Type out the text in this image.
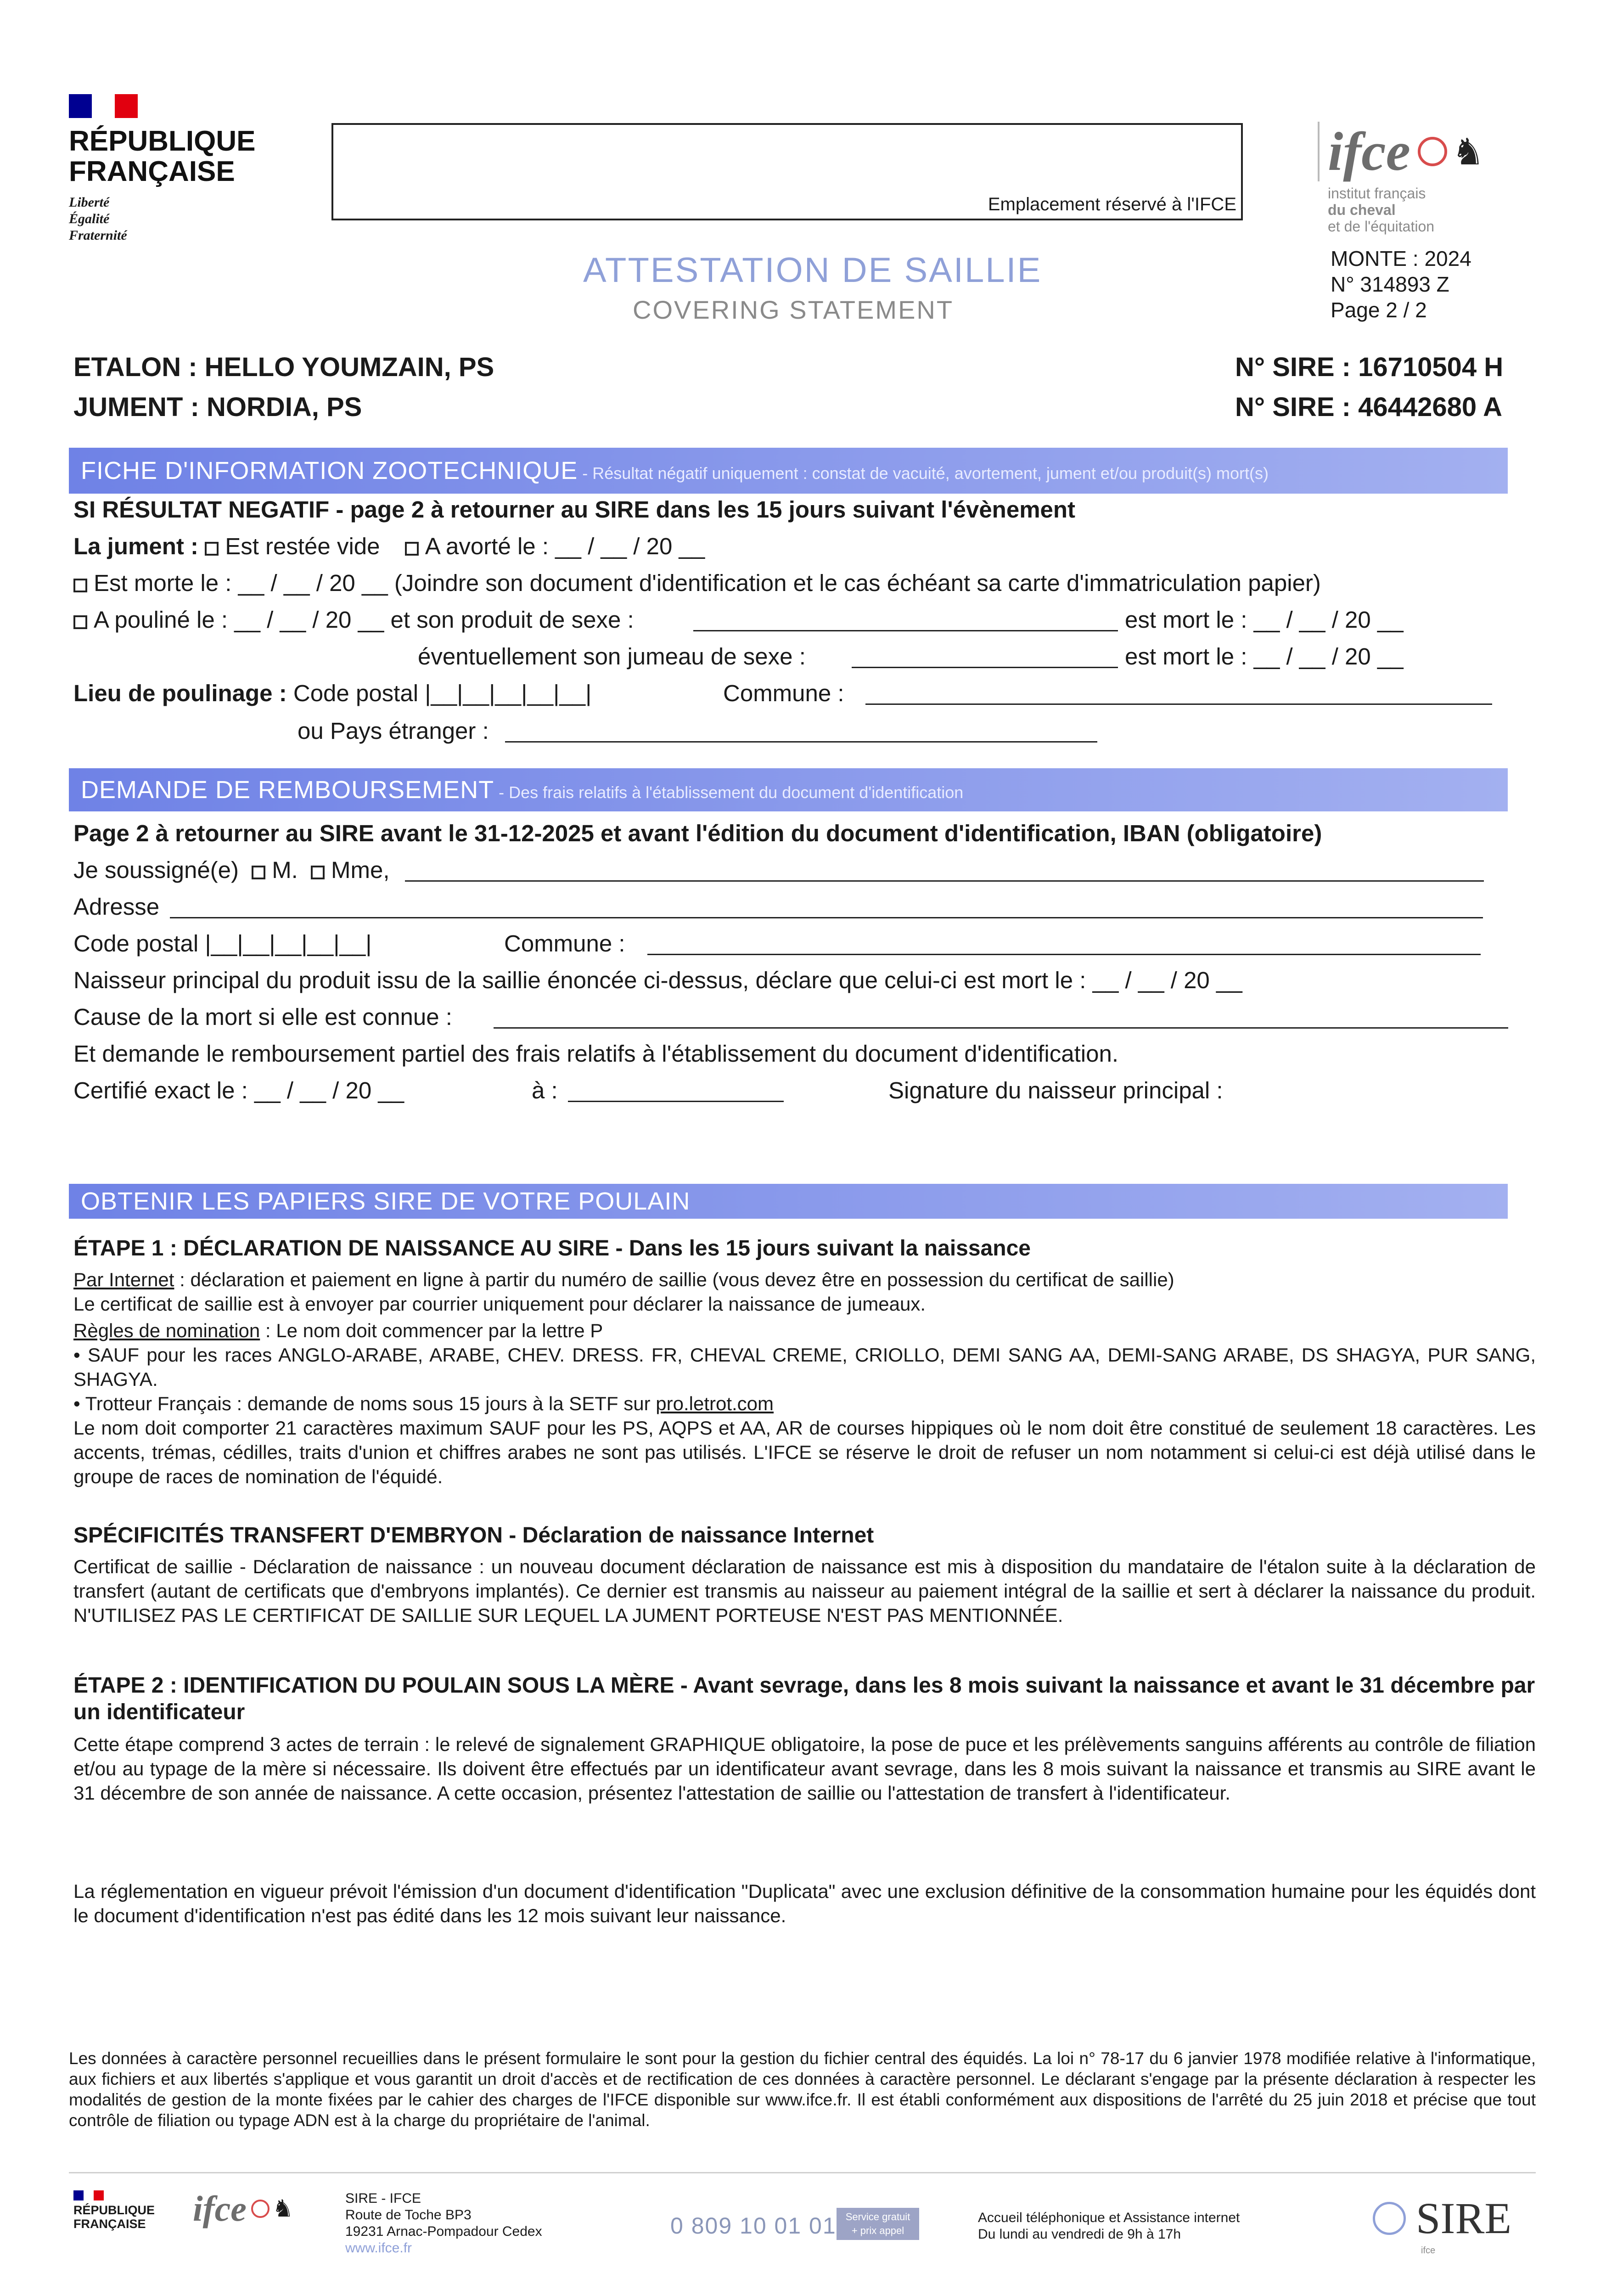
RÉPUBLIQUE
FRANÇAISE
Liberté
Égalité
Fraternité
Emplacement réservé à l'IFCE
ATTESTATION DE SAILLIE
COVERING STATEMENT
ifce ♞
institut français
du cheval
et de l'équitation
MONTE : 2024
N° 314893 Z
Page 2 / 2
ETALON : HELLO YOUMZAIN, PS
JUMENT : NORDIA, PS
N° SIRE : 16710504 H
N° SIRE : 46442680 A
FICHE D'INFORMATION ZOOTECHNIQUE - Résultat négatif uniquement : constat de vacuité, avortement, jument et/ou produit(s) mort(s)
SI RÉSULTAT NEGATIF - page 2 à retourner au SIRE dans les 15 jours suivant l'évènement
La jument : Est restée vide A avorté le : __ / __ / 20 __
Est morte le : __ / __ / 20 __ (Joindre son document d'identification et le cas échéant sa carte d'immatriculation papier)
A pouliné le : __ / __ / 20 __ et son produit de sexe :	est mort le : __ / __ / 20 __
éventuellement son jumeau de sexe :	est mort le : __ / __ / 20 __
Lieu de poulinage : Code postal |__|__|__|__|__|	Commune :
ou Pays étranger :
DEMANDE DE REMBOURSEMENT - Des frais relatifs à l'établissement du document d'identification
Page 2 à retourner au SIRE avant le 31-12-2025 et avant l'édition du document d'identification, IBAN (obligatoire)
Je soussigné(e) M. Mme,
Adresse
Code postal |__|__|__|__|__|	Commune :
Naisseur principal du produit issu de la saillie énoncée ci-dessus, déclare que celui-ci est mort le : __ / __ / 20 __
Cause de la mort si elle est connue :
Et demande le remboursement partiel des frais relatifs à l'établissement du document d'identification.
Certifié exact le : __ / __ / 20 __	à :	Signature du naisseur principal :
OBTENIR LES PAPIERS SIRE DE VOTRE POULAIN
ÉTAPE 1 : DÉCLARATION DE NAISSANCE AU SIRE - Dans les 15 jours suivant la naissance

Par Internet : déclaration et paiement en ligne à partir du numéro de saillie (vous devez être en possession du certificat de saillie)

Le certificat de saillie est à envoyer par courrier uniquement pour déclarer la naissance de jumeaux.

Règles de nomination : Le nom doit commencer par la lettre P

• SAUF pour les races ANGLO-ARABE, ARABE, CHEV. DRESS. FR, CHEVAL CREME, CRIOLLO, DEMI SANG AA, DEMI-SANG ARABE, DS SHAGYA, PUR SANG, SHAGYA.

• Trotteur Français : demande de noms sous 15 jours à la SETF sur pro.letrot.com

Le nom doit comporter 21 caractères maximum SAUF pour les PS, AQPS et AA, AR de courses hippiques où le nom doit être constitué de seulement 18 caractères. Les accents, trémas, cédilles, traits d'union et chiffres arabes ne sont pas utilisés. L'IFCE se réserve le droit de refuser un nom notamment si celui-ci est déjà utilisé dans le groupe de races de nomination de l'équidé.

SPÉCIFICITÉS TRANSFERT D'EMBRYON - Déclaration de naissance Internet
Certificat de saillie - Déclaration de naissance : un nouveau document déclaration de naissance est mis à disposition du mandataire de l'étalon suite à la déclaration de transfert (autant de certificats que d'embryons implantés). Ce dernier est transmis au naisseur au paiement intégral de la saillie et sert à déclarer la naissance du produit. N'UTILISEZ PAS LE CERTIFICAT DE SAILLIE SUR LEQUEL LA JUMENT PORTEUSE N'EST PAS MENTIONNÉE.
ÉTAPE 2 : IDENTIFICATION DU POULAIN SOUS LA MÈRE - Avant sevrage, dans les 8 mois suivant la naissance et avant le 31 décembre par un identificateur
Cette étape comprend 3 actes de terrain : le relevé de signalement GRAPHIQUE obligatoire, la pose de puce et les prélèvements sanguins afférents au contrôle de filiation et/ou au typage de la mère si nécessaire. Ils doivent être effectués par un identificateur avant sevrage, dans les 8 mois suivant la naissance et transmis au SIRE avant le 31 décembre de son année de naissance. A cette occasion, présentez l'attestation de saillie ou l'attestation de transfert à l'identificateur.
La réglementation en vigueur prévoit l'émission d'un document d'identification "Duplicata" avec une exclusion définitive de la consommation humaine pour les équidés dont le document d'identification n'est pas édité dans les 12 mois suivant leur naissance.
Les données à caractère personnel recueillies dans le présent formulaire le sont pour la gestion du fichier central des équidés. La loi n° 78-17 du 6 janvier 1978 modifiée relative à l'informatique, aux fichiers et aux libertés s'applique et vous garantit un droit d'accès et de rectification de ces données à caractère personnel. Le déclarant s'engage par la présente déclaration à respecter les modalités de gestion de la monte fixées par le cahier des charges de l'IFCE disponible sur www.ifce.fr. Il est établi conformément aux dispositions de l'arrêté du 25 juin 2018 et précise que tout contrôle de filiation ou typage ADN est à la charge du propriétaire de l'animal.
RÉPUBLIQUE
FRANÇAISE ifce ♞	SIRE - IFCE
Route de Toche BP3
19231 Arnac-Pompadour Cedex
www.ifce.fr
0 809 10 01 01 Service gratuit
+ prix appel
Accueil téléphonique et Assistance internet
Du lundi au vendredi de 9h à 17h	SIRE
ifce
